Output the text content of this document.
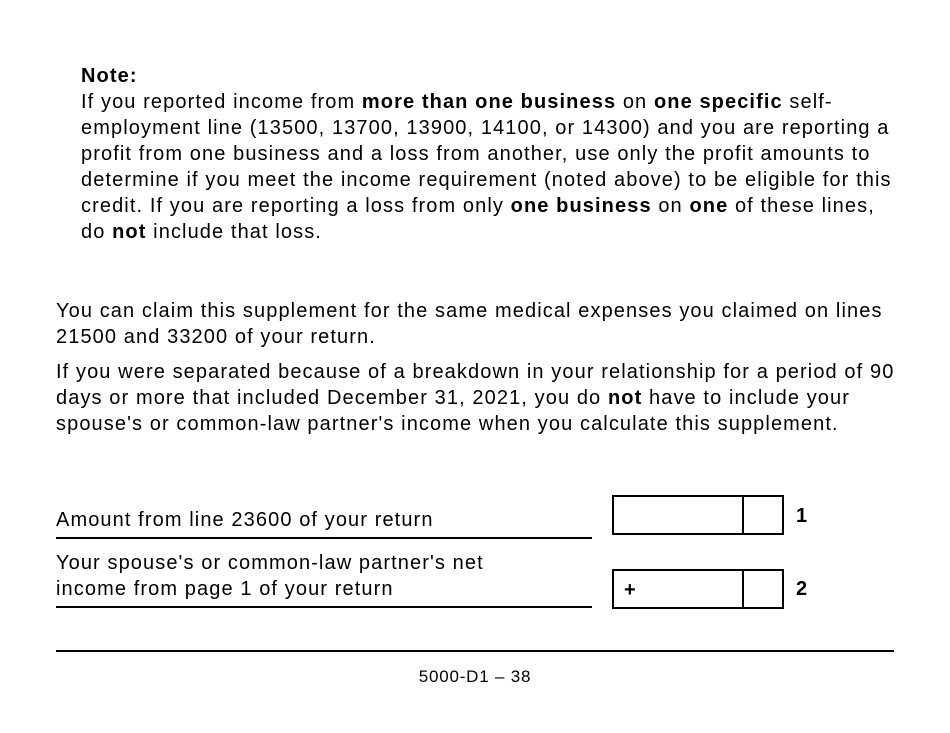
Note:
If you reported income from more than one business on one specific self-employment line (13500, 13700, 13900, 14100, or 14300) and you are reporting a profit from one business and a loss from another, use only the profit amounts to determine if you meet the income requirement (noted above) to be eligible for this credit. If you are reporting a loss from only one business on one of these lines, do not include that loss.
You can claim this supplement for the same medical expenses you claimed on lines 21500 and 33200 of your return.
If you were separated because of a breakdown in your relationship for a period of 90 days or more that included December 31, 2021, you do not have to include your spouse's or common-law partner's income when you calculate this supplement.
Amount from line 23600 of your return	1
Your spouse's or common-law partner's net
income from page 1 of your return	+	2
5000-D1 – 38
